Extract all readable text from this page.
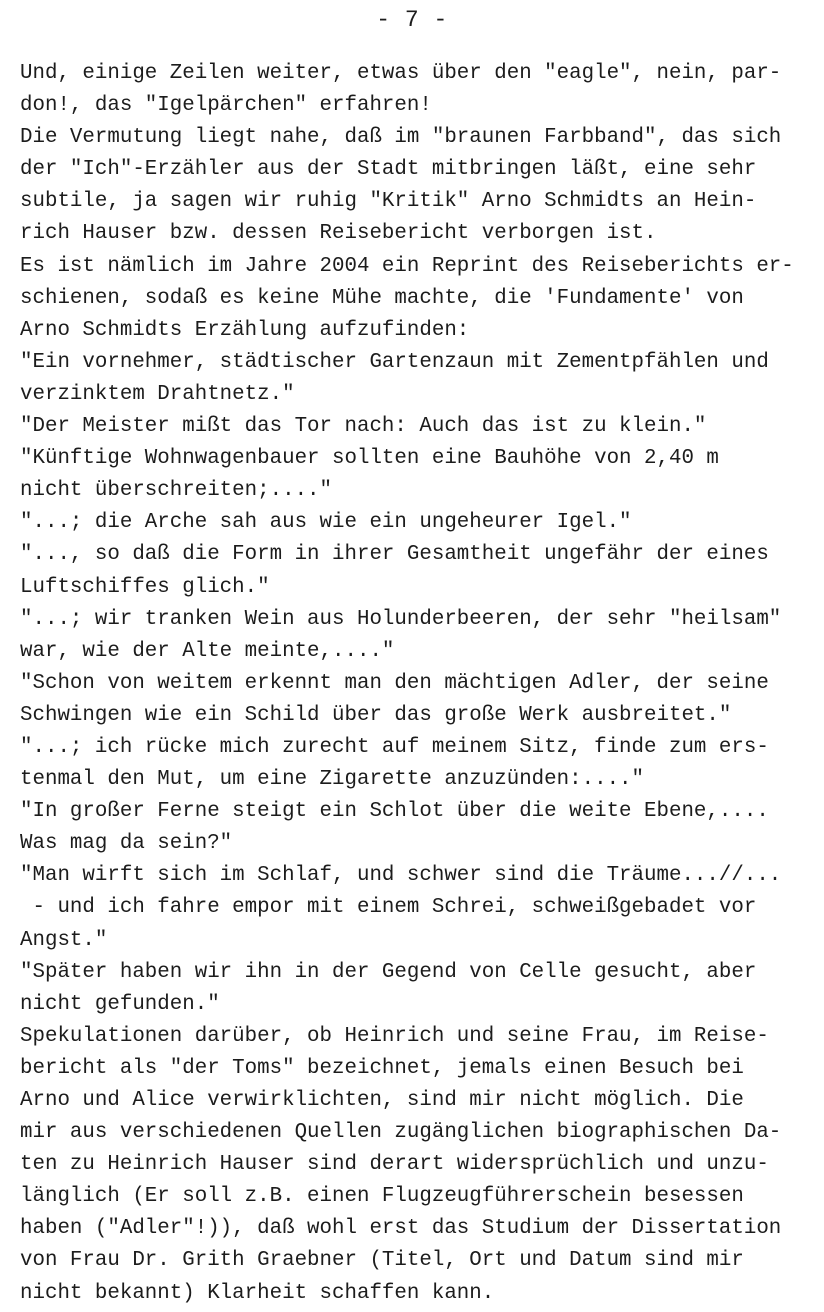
- 7 -
Und, einige Zeilen weiter, etwas über den "eagle", nein, par-
don!, das "Igelpärchen" erfahren!
Die Vermutung liegt nahe, daß im "braunen Farbband", das sich
der "Ich"-Erzähler aus der Stadt mitbringen läßt, eine sehr
subtile, ja sagen wir ruhig "Kritik" Arno Schmidts an Hein-
rich Hauser bzw. dessen Reisebericht verborgen ist.
Es ist nämlich im Jahre 2004 ein Reprint des Reiseberichts er-
schienen, sodaß es keine Mühe machte, die 'Fundamente' von
Arno Schmidts Erzählung aufzufinden:
"Ein vornehmer, städtischer Gartenzaun mit Zementpfählen und
verzinktem Drahtnetz."
"Der Meister mißt das Tor nach: Auch das ist zu klein."
"Künftige Wohnwagenbauer sollten eine Bauhöhe von 2,40 m
nicht überschreiten;...."
"...; die Arche sah aus wie ein ungeheurer Igel."
"..., so daß die Form in ihrer Gesamtheit ungefähr der eines
Luftschiffes glich."
"...; wir tranken Wein aus Holunderbeeren, der sehr "heilsam"
war, wie der Alte meinte,...."
"Schon von weitem erkennt man den mächtigen Adler, der seine
Schwingen wie ein Schild über das große Werk ausbreitet."
"...; ich rücke mich zurecht auf meinem Sitz, finde zum ers-
tenmal den Mut, um eine Zigarette anzuzünden:...."
"In großer Ferne steigt ein Schlot über die weite Ebene,....
Was mag da sein?"
"Man wirft sich im Schlaf, und schwer sind die Träume...//...
- und ich fahre empor mit einem Schrei, schweißgebadet vor
Angst."
"Später haben wir ihn in der Gegend von Celle gesucht, aber
nicht gefunden."
Spekulationen darüber, ob Heinrich und seine Frau, im Reise-
bericht als "der Toms" bezeichnet, jemals einen Besuch bei
Arno und Alice verwirklichten, sind mir nicht möglich. Die
mir aus verschiedenen Quellen zugänglichen biographischen Da-
ten zu Heinrich Hauser sind derart widersprüchlich und unzu-
länglich (Er soll z.B. einen Flugzeugführerschein besessen
haben ("Adler"!)), daß wohl erst das Studium der Dissertation
von Frau Dr. Grith Graebner (Titel, Ort und Datum sind mir
nicht bekannt) Klarheit schaffen kann.
